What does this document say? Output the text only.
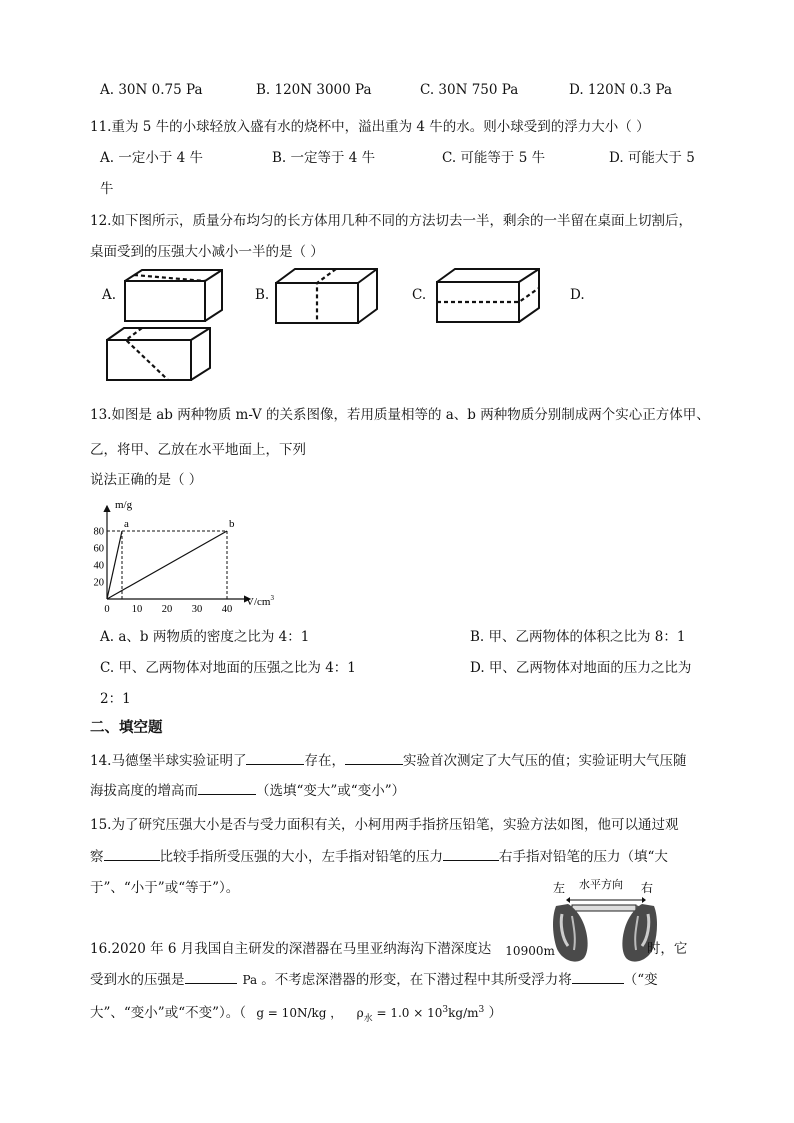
A. 30N 0.75 Pa	B. 120N 3000 Pa	C. 30N 750 Pa	D. 120N 0.3 Pa
11.重为 5 牛的小球轻放入盛有水的烧杯中，溢出重为 4 牛的水。则小球受到的浮力大小（ ）
A. 一定小于 4 牛	B. 一定等于 4 牛	C. 可能等于 5 牛	D. 可能大于 5
牛
12.如下图所示，质量分布均匀的长方体用几种不同的方法切去一半，剩余的一半留在桌面上切割后，
桌面受到的压强大小减小一半的是（ ）
A.	B.	C.	D.
13.如图是 ab 两种物质 m-V 的关系图像，若用质量相等的 a、b 两种物质分别制成两个实心正方体甲、
乙，将甲、乙放在水平地面上，下列
说法正确的是（ ）
m/g
$V/cm^3$
20
40
60
80
0 10 20 30 40
a	b
A. a、b 两物质的密度之比为 4：1	B. 甲、乙两物体的体积之比为 8：1
C. 甲、乙两物体对地面的压强之比为 4：1	D. 甲、乙两物体对地面的压力之比为
2：1
二、填空题
14.马德堡半球实验证明了	存在，	实验首次测定了大气压的值；实验证明大气压随
海拔高度的增高而	（选填“变大”或“变小”）
15.为了研究压强大小是否与受力面积有关，小柯用两手指挤压铅笔，实验方法如图，他可以通过观
察	比较手指所受压强的大小，左手指对铅笔的压力	右手指对铅笔的压力（填“大
于”、“小于”或“等于”）。	左 水平方向 右
16.2020 年 6 月我国自主研发的深潜器在马里亚纳海沟下潜深度达 10900m	时，它
受到水的压强是	Pa 。不考虑深潜器的形变，在下潜过程中其所受浮力将	（“变
大”、“变小”或“不变”）。（ g = 10N/kg ， $\rho_水 = 1.0 \times 10^3kg/m^3$ ）
